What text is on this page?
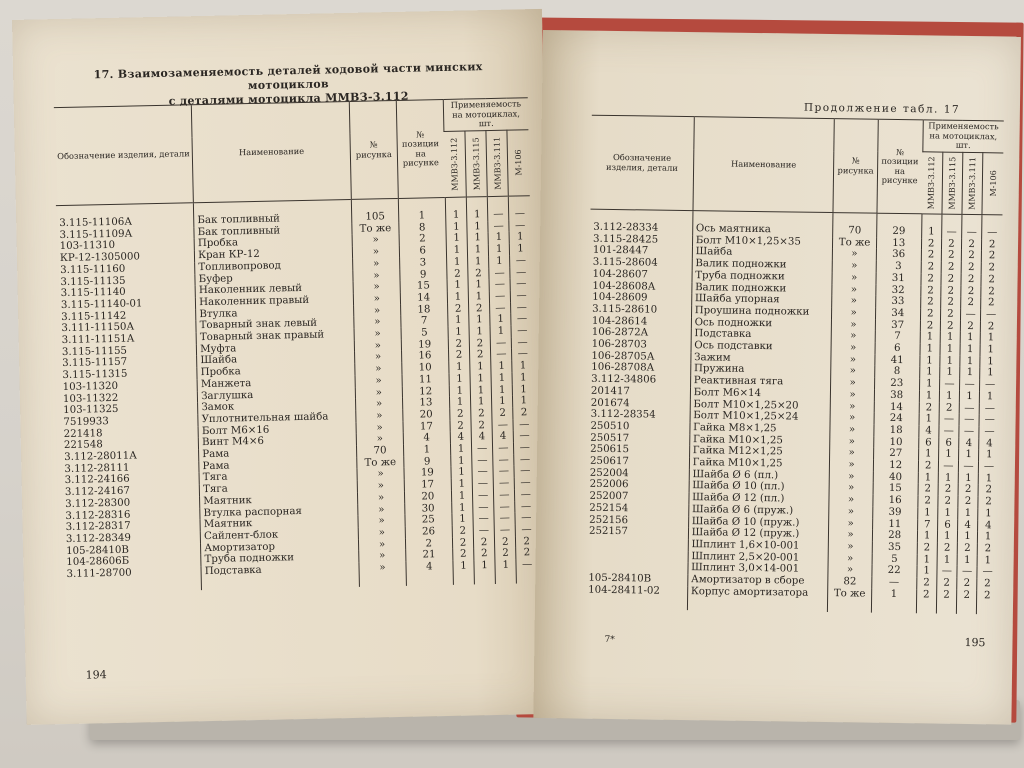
17. Взаимозаменяемость деталей ходовой части минских мотоциклов
с деталями мотоцикла ММВЗ-3.112
Обозначение изделия, детали	Наименование	№ рисунка	№ позиции на рисунке	Применяемость на мотоциклах, шт.			

				ММВЗ-3.112	ММВЗ-3.115	ММВЗ-3.111	М-106

3.115-11106А	Бак топливный	105	1	1	1	—	—
3.115-11109А	Бак топливный	То же	8	1	1	—	—
103-11310	Пробка	»	2	1	1	1	1
КР-12-1305000	Кран КР-12	»	6	1	1	1	1
3.115-11160	Топливопровод	»	3	1	1	1	—
3.115-11135	Буфер	»	9	2	2	—	—
3.115-11140	Наколенник левый	»	15	1	1	—	—
3.115-11140-01	Наколенник правый	»	14	1	1	—	—
3.115-11142	Втулка	»	18	2	2	—	—
3.111-11150А	Товарный знак левый	»	7	1	1	1	—
3.111-11151А	Товарный знак правый	»	5	1	1	1	—
3.115-11155	Муфта	»	19	2	2	—	—
3.115-11157	Шайба	»	16	2	2	—	—
3.115-11315	Пробка	»	10	1	1	1	1
103-11320	Манжета	»	11	1	1	1	1
103-11322	Заглушка	»	12	1	1	1	1
103-11325	Замок	»	13	1	1	1	1
7519933	Уплотнительная шайба	»	20	2	2	2	2
221418	Болт М6×16	»	17	2	2	—	—
221548	Винт М4×6	»	4	4	4	4	—
3.112-28011А	Рама	70	1	1	—	—	—
3.112-28111	Рама	То же	9	1	—	—	—
3.112-24166	Тяга	»	19	1	—	—	—
3.112-24167	Тяга	»	17	1	—	—	—
3.112-28300	Маятник	»	20	1	—	—	—
3.112-28316	Втулка распорная	»	30	1	—	—	—
3.112-28317	Маятник	»	25	1	—	—	—
3.112-28349	Сайлент-блок	»	26	2	—	—	—
105-28410В	Амортизатор	»	2	2	2	2	2
104-28606Б	Труба подножки	»	21	2	2	2	2
3.111-28700	Подставка	»	4	1	1	1	—
194
Продолжение табл. 17
Обозначение изделия, детали	Наименование	№ рисунка	№ позиции на рисунке	Применяемость на мотоциклах, шт.			

				ММВЗ-3.112	ММВЗ-3.115	ММВЗ-3.111	М-106

3.112-28334	Ось маятника	70	29	1	—	—	—
3.115-28425	Болт М10×1,25×35	То же	13	2	2	2	2
101-28447	Шайба	»	36	2	2	2	2
3.115-28604	Валик подножки	»	3	2	2	2	2
104-28607	Труба подножки	»	31	2	2	2	2
104-28608А	Валик подножки	»	32	2	2	2	2
104-28609	Шайба упорная	»	33	2	2	2	2
3.115-28610	Проушина подножки	»	34	2	2	—	—
104-28614	Ось подножки	»	37	2	2	2	2
106-2872А	Подставка	»	7	1	1	1	1
106-28703	Ось подставки	»	6	1	1	1	1
106-28705А	Зажим	»	41	1	1	1	1
106-28708А	Пружина	»	8	1	1	1	1
3.112-34806	Реактивная тяга	»	23	1	—	—	—
201417	Болт М6×14	»	38	1	1	1	1
201674	Болт М10×1,25×20	»	14	2	2	—	—
3.112-28354	Болт М10×1,25×24	»	24	1	—	—	—
250510	Гайка М8×1,25	»	18	4	—	—	—
250517	Гайка М10×1,25	»	10	6	6	4	4
250615	Гайка М12×1,25	»	27	1	1	1	1
250617	Гайка М10×1,25	»	12	2	—	—	—
252004	Шайба Ø 6 (пл.)	»	40	1	1	1	1
252006	Шайба Ø 10 (пл.)	»	15	2	2	2	2
252007	Шайба Ø 12 (пл.)	»	16	2	2	2	2
252154	Шайба Ø 6 (пруж.)	»	39	1	1	1	1
252156	Шайба Ø 10 (пруж.)	»	11	7	6	4	4
252157	Шайба Ø 12 (пруж.)	»	28	1	1	1	1
	Шплинт 1,6×10-001	»	35	2	2	2	2
	Шплинт 2,5×20-001	»	5	1	1	1	1
	Шплинт 3,0×14-001	»	22	1	—	—	—
105-28410В	Амортизатор в сборе	82	—	2	2	2	2
104-28411-02	Корпус амортизатора	То же	1	2	2	2	2
7*	195
